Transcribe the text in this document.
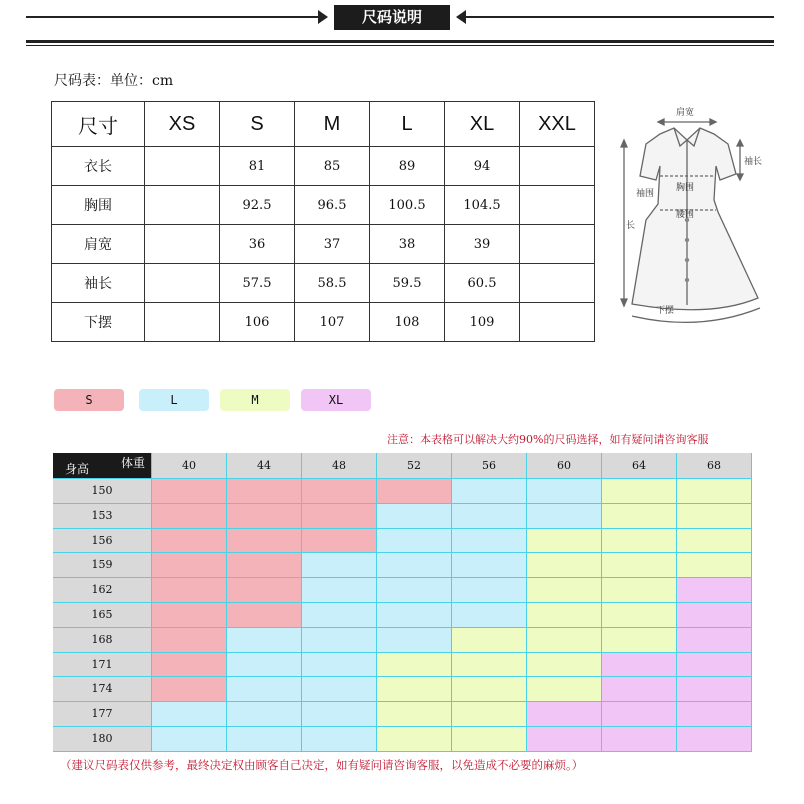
尺码说明
尺码表：单位：cm
尺寸	XS	S	M	L	XL	XXL

衣长		81	85	89	94	

胸围		92.5	96.5	100.5	104.5	

肩宽		36	37	38	39	

袖长		57.5	58.5	59.5	60.5	

下摆		106	107	108	109	
肩宽
袖长
袖围
胸围
腰围
长
下摆
S	L	M	XL
注意：本表格可以解决大约90%的尺码选择，如有疑问请咨询客服
体重
身高	40	44	48	52	56	60	64	68
150
153
156
159
162
165
168
171
174
177
180
（建议尺码表仅供参考，最终决定权由顾客自己决定，如有疑问请咨询客服，以免造成不必要的麻烦。）
